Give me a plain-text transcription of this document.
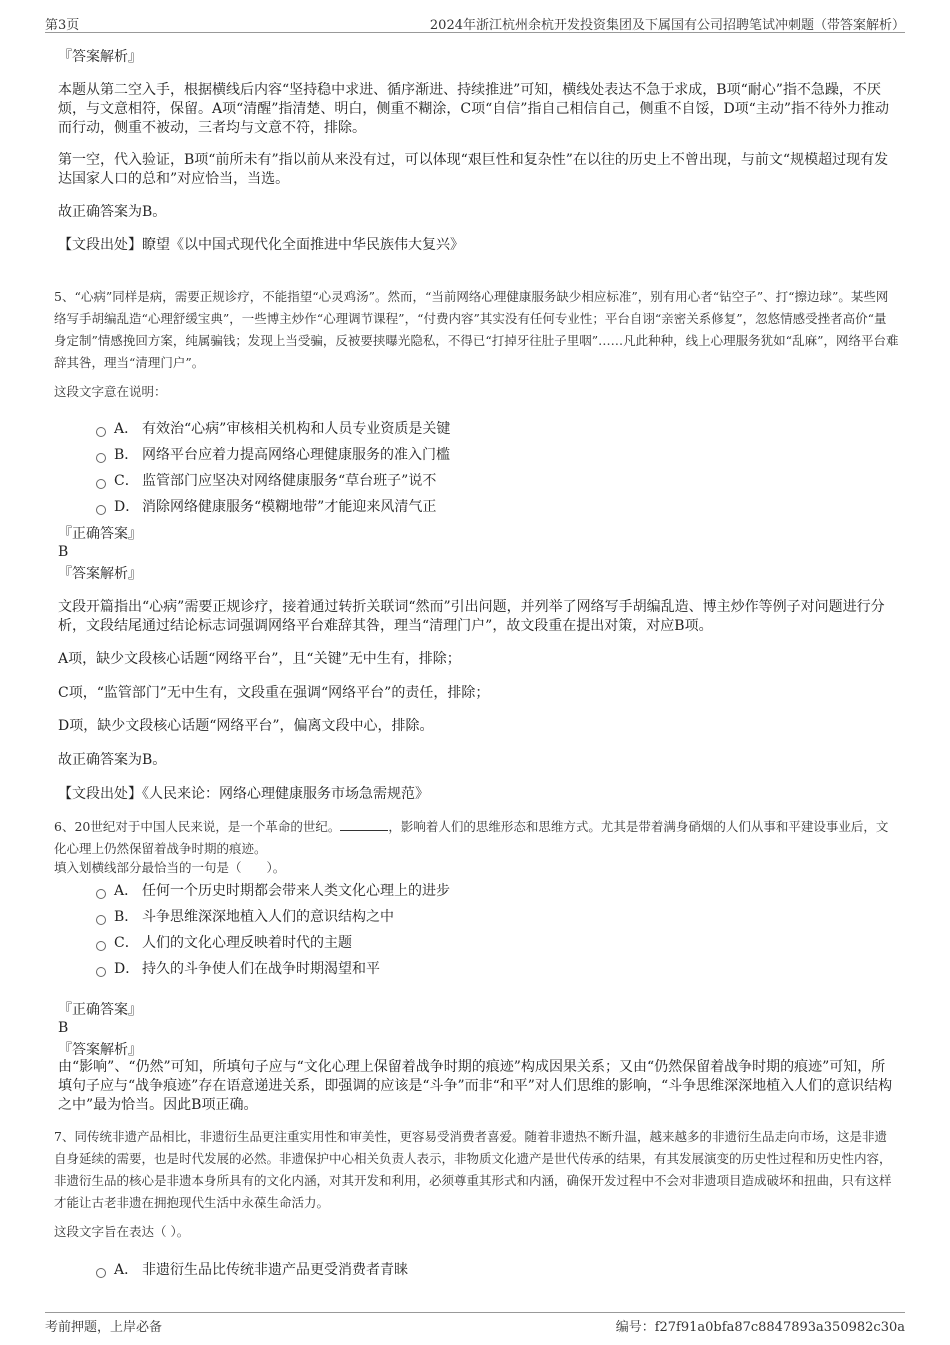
第3页	2024年浙江杭州余杭开发投资集团及下属国有公司招聘笔试冲刺题（带答案解析）
『答案解析』
本题从第二空入手，根据横线后内容“坚持稳中求进、循序渐进、持续推进”可知，横线处表达不急于求成，B项“耐心”指不急躁，不厌烦，与文意相符，保留。A项“清醒”指清楚、明白，侧重不糊涂，C项“自信”指自己相信自己，侧重不自馁，D项“主动”指不待外力推动而行动，侧重不被动，三者均与文意不符，排除。
第一空，代入验证，B项“前所未有”指以前从来没有过，可以体现“艰巨性和复杂性”在以往的历史上不曾出现，与前文“规模超过现有发达国家人口的总和”对应恰当，当选。
故正确答案为B。
【文段出处】瞭望《以中国式现代化全面推进中华民族伟大复兴》
5、“心病”同样是病，需要正规诊疗，不能指望“心灵鸡汤”。然而，“当前网络心理健康服务缺少相应标准”，别有用心者“钻空子”、打“擦边球”。某些网络写手胡编乱造“心理舒缓宝典”，一些博主炒作“心理调节课程”，“付费内容”其实没有任何专业性；平台自诩“亲密关系修复”，忽悠情感受挫者高价“量身定制”情感挽回方案，纯属骗钱；发现上当受骗，反被要挟曝光隐私，不得已“打掉牙往肚子里咽”……凡此种种，线上心理服务犹如“乱麻”，网络平台难辞其咎，理当“清理门户”。
这段文字意在说明：
A． 有效治“心病”审核相关机构和人员专业资质是关键
B． 网络平台应着力提高网络心理健康服务的准入门槛
C． 监管部门应坚决对网络健康服务“草台班子”说不
D． 消除网络健康服务“模糊地带”才能迎来风清气正
『正确答案』
B
『答案解析』
文段开篇指出“心病”需要正规诊疗，接着通过转折关联词“然而”引出问题，并列举了网络写手胡编乱造、博主炒作等例子对问题进行分析，文段结尾通过结论标志词强调网络平台难辞其咎，理当“清理门户”，故文段重在提出对策，对应B项。
A项，缺少文段核心话题“网络平台”，且“关键”无中生有，排除；
C项，“监管部门”无中生有，文段重在强调“网络平台”的责任，排除；
D项，缺少文段核心话题“网络平台”，偏离文段中心，排除。
故正确答案为B。
【文段出处】《人民来论：网络心理健康服务市场急需规范》
6、20世纪对于中国人民来说，是一个革命的世纪。	，影响着人们的思维形态和思维方式。尤其是带着满身硝烟的人们从事和平建设事业后，文化心理上仍然保留着战争时期的痕迹。
填入划横线部分最恰当的一句是（　　）。
A． 任何一个历史时期都会带来人类文化心理上的进步
B． 斗争思维深深地植入人们的意识结构之中
C． 人们的文化心理反映着时代的主题
D． 持久的斗争使人们在战争时期渴望和平
『正确答案』
B
『答案解析』
由“影响”、“仍然”可知，所填句子应与“文化心理上保留着战争时期的痕迹”构成因果关系；又由“仍然保留着战争时期的痕迹”可知，所填句子应与“战争痕迹”存在语意递进关系，即强调的应该是“斗争”而非“和平”对人们思维的影响，“斗争思维深深地植入人们的意识结构之中”最为恰当。因此B项正确。
7、同传统非遗产品相比，非遗衍生品更注重实用性和审美性，更容易受消费者喜爱。随着非遗热不断升温，越来越多的非遗衍生品走向市场，这是非遗自身延续的需要，也是时代发展的必然。非遗保护中心相关负责人表示，非物质文化遗产是世代传承的结果，有其发展演变的历史性过程和历史性内容，非遗衍生品的核心是非遗本身所具有的文化内涵，对其开发和利用，必须尊重其形式和内涵，确保开发过程中不会对非遗项目造成破坏和扭曲，只有这样才能让古老非遗在拥抱现代生活中永葆生命活力。
这段文字旨在表达（ ）。
A． 非遗衍生品比传统非遗产品更受消费者青睐
考前押题，上岸必备	编号：f27f91a0bfa87c8847893a350982c30a
